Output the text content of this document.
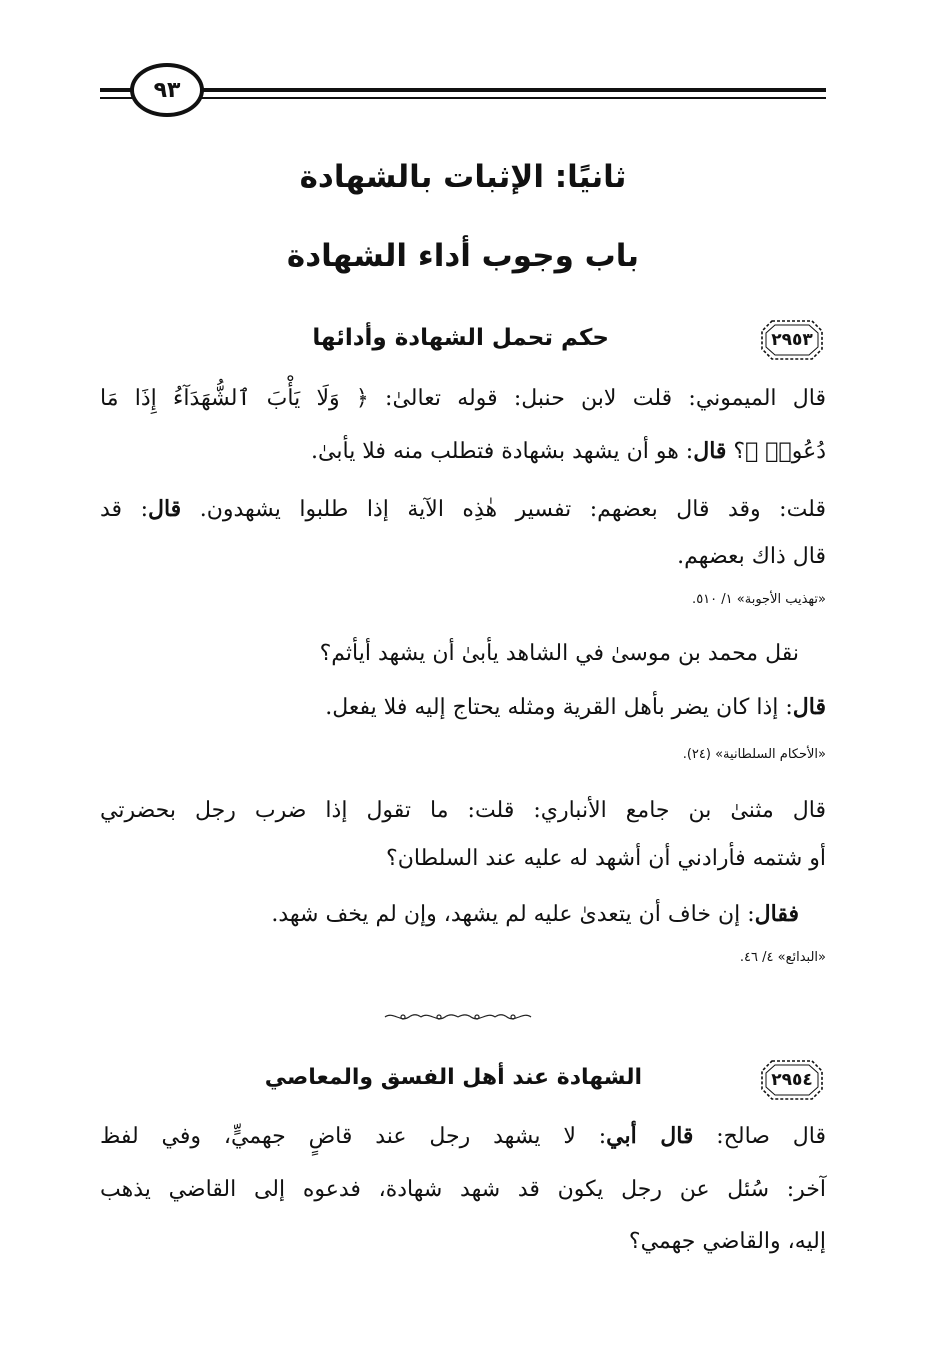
٩٣
ثانيًا: الإثبات بالشهادة
باب وجوب أداء الشهادة
٢٩٥٣
حكم تحمل الشهادة وأدائها
قال الميموني: قلت لابن حنبل: قوله تعالىٰ: ﴿ وَلَا يَأْبَ ٱلشُّهَدَآءُ إِذَا مَا
دُعُوا۟ ﴾؟ قال: هو أن يشهد بشهادة فتطلب منه فلا يأبىٰ.
قلت: وقد قال بعضهم: تفسير هٰذِه الآية إذا طلبوا يشهدون. قال: قد
قال ذاك بعضهم.
«تهذيب الأجوبة» ١/ ٥١٠.
نقل محمد بن موسىٰ في الشاهد يأبىٰ أن يشهد أيأثم؟
قال: إذا كان يضر بأهل القرية ومثله يحتاج إليه فلا يفعل.
«الأحكام السلطانية» (٢٤).
قال مثنىٰ بن جامع الأنباري: قلت: ما تقول إذا ضرب رجل بحضرتي
أو شتمه فأرادني أن أشهد له عليه عند السلطان؟
فقال: إن خاف أن يتعدىٰ عليه لم يشهد، وإن لم يخف شهد.
«البدائع» ٤/ ٤٦.
٢٩٥٤
الشهادة عند أهل الفسق والمعاصي
قال صالح: قال أبي: لا يشهد رجل عند قاضٍ جهميٍّ، وفي لفظ
آخر: سُئل عن رجل يكون قد شهد شهادة، فدعوه إلى القاضي يذهب
إليه، والقاضي جهمي؟
